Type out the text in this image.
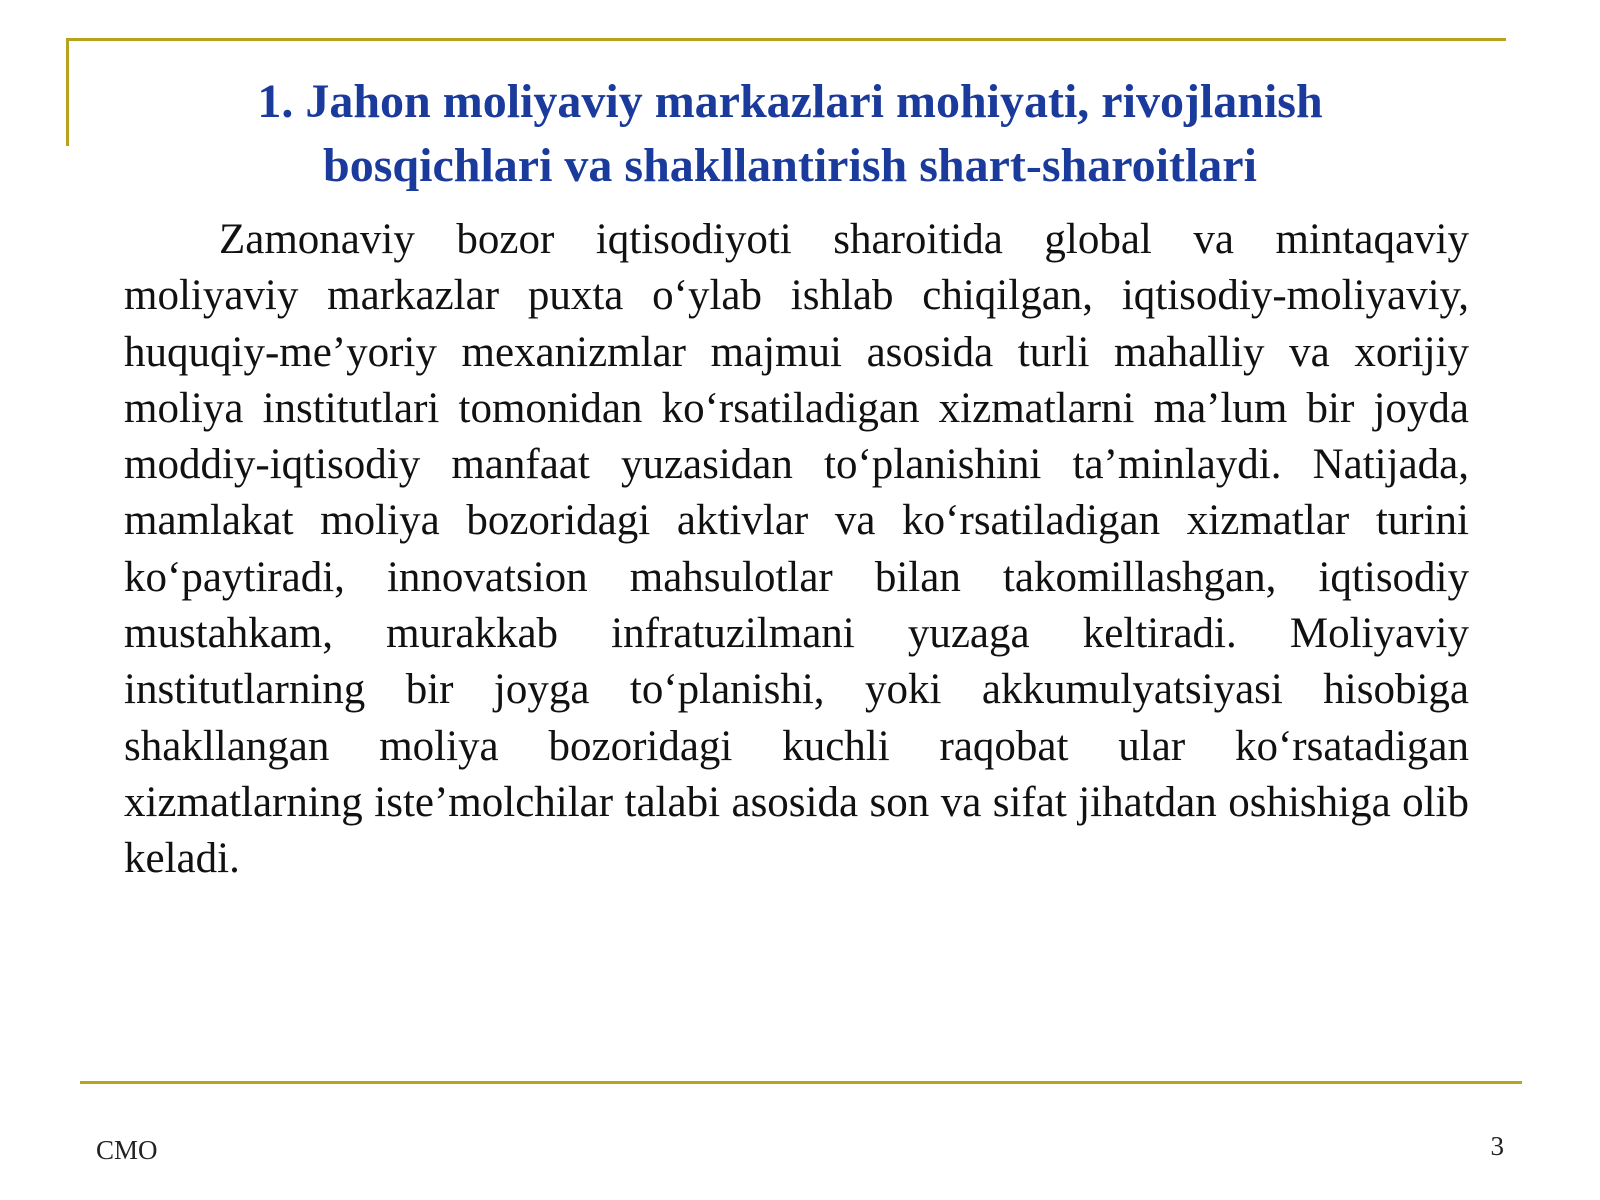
1. Jahon moliyaviy markazlari mohiyati, rivojlanish
bosqichlari va shakllantirish shart-sharoitlari

Zamonaviy bozor iqtisodiyoti sharoitida global va mintaqaviy moliyaviy markazlar puxta o‘ylab ishlab chiqilgan, iqtisodiy-moliyaviy, huquqiy-me’yoriy mexanizmlar majmui asosida turli mahalliy va xorijiy moliya institutlari tomonidan ko‘rsatiladigan xizmatlarni ma’lum bir joyda moddiy-iqtisodiy manfaat yuzasidan to‘planishini ta’minlaydi. Natijada, mamlakat moliya bozoridagi aktivlar va ko‘rsatiladigan xizmatlar turini ko‘paytiradi, innovatsion mahsulotlar bilan takomillashgan, iqtisodiy mustahkam, murakkab infratuzilmani yuzaga keltiradi. Moliyaviy institutlarning bir joyga to‘planishi, yoki akkumulyatsiyasi hisobiga shakllangan moliya bozoridagi kuchli raqobat ular ko‘rsatadigan xizmatlarning iste’molchilar talabi asosida son va sifat jihatdan oshishiga olib keladi.

CMO	3
